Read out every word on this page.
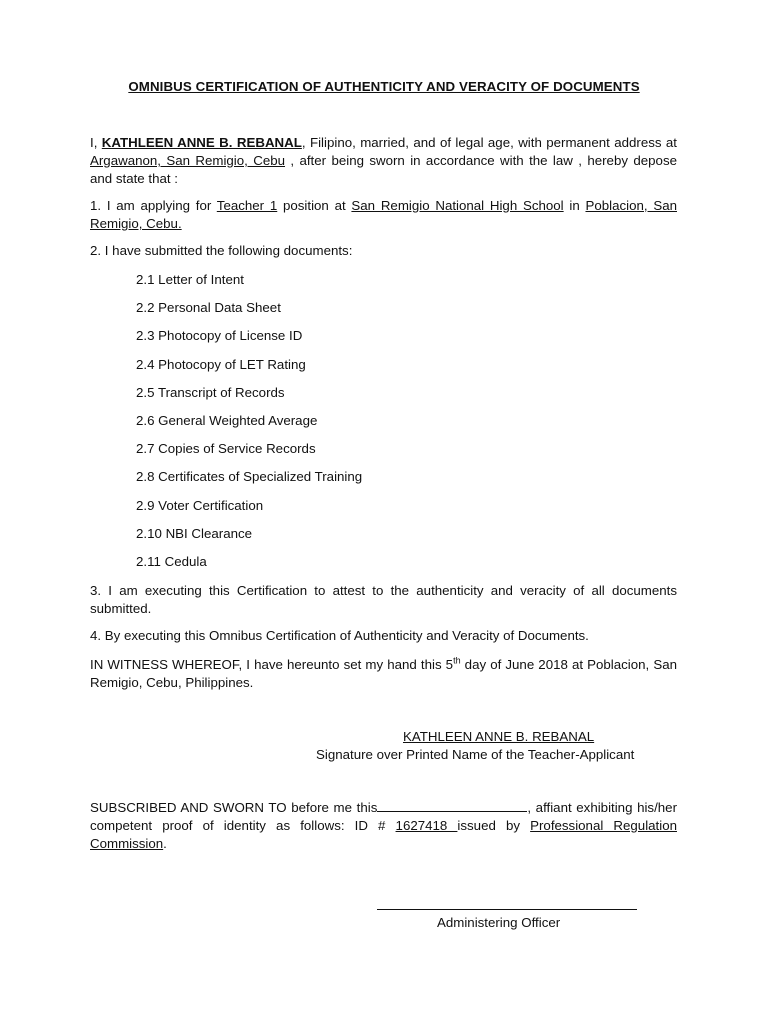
OMNIBUS CERTIFICATION OF AUTHENTICITY AND VERACITY OF DOCUMENTS
I, KATHLEEN ANNE B. REBANAL, Filipino, married, and of legal age, with permanent address at Argawanon, San Remigio, Cebu , after being sworn in accordance with the law , hereby depose and state that :
1. I am applying for Teacher 1 position at San Remigio National High School in Poblacion, San Remigio, Cebu.
2. I have submitted the following documents:
2.1 Letter of Intent
2.2 Personal Data Sheet
2.3 Photocopy of License ID
2.4 Photocopy of LET Rating
2.5 Transcript of Records
2.6 General Weighted Average
2.7 Copies of Service Records
2.8 Certificates of Specialized Training
2.9 Voter Certification
2.10 NBI Clearance
2.11 Cedula
3. I am executing this Certification to attest to the authenticity and veracity of all documents submitted.
4. By executing this Omnibus Certification of Authenticity and Veracity of Documents.
IN WITNESS WHEREOF, I have hereunto set my hand this 5th day of June 2018 at Poblacion, San Remigio, Cebu, Philippines.
KATHLEEN ANNE B. REBANAL
Signature over Printed Name of the Teacher-Applicant
SUBSCRIBED AND SWORN TO before me this	, affiant exhibiting his/her competent proof of identity as follows: ID # 1627418 issued by Professional Regulation Commission.
Administering Officer
